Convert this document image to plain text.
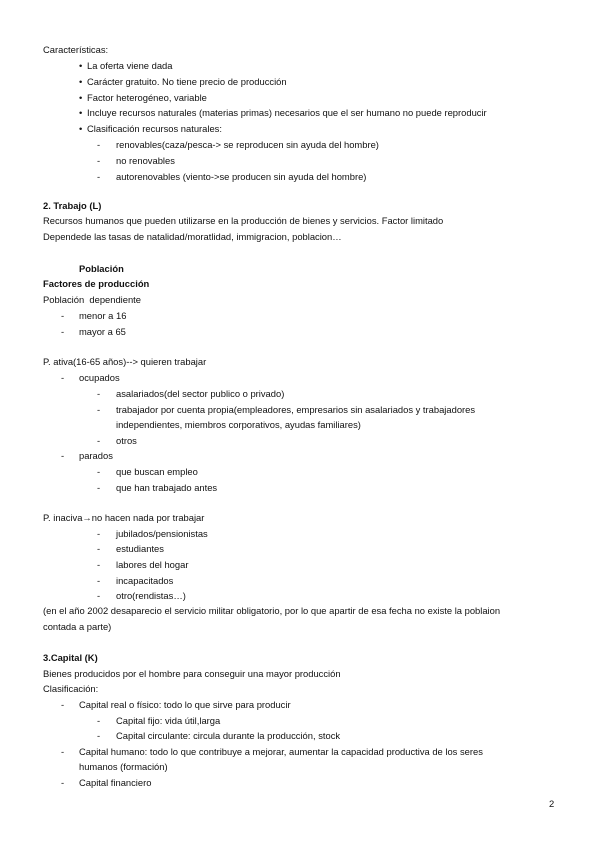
Características:
• La oferta viene dada
• Carácter gratuito. No tiene precio de producción
• Factor heterogéneo, variable
• Incluye recursos naturales (materias primas) necesarios que el ser humano no puede reproducir
• Clasificación recursos naturales:
- renovables(caza/pesca-> se reproducen sin ayuda del hombre)
- no renovables
- autorenovables (viento->se producen sin ayuda del hombre)
2. Trabajo (L)
Recursos humanos que pueden utilizarse en la producción de bienes y servicios. Factor limitado
Dependede las tasas de natalidad/moratlidad, immigracion, poblacion…
Población
Factores de producción
Población  dependiente
- menor a 16
- mayor a 65
P. ativa(16-65 años)--> quieren trabajar
- ocupados
- asalariados(del sector publico o privado)
- trabajador por cuenta propia(empleadores, empresarios sin asalariados y trabajadores
independientes, miembros corporativos, ayudas familiares)
- otros
- parados
- que buscan empleo
- que han trabajado antes
P. inaciva→no hacen nada por trabajar
- jubilados/pensionistas
- estudiantes
- labores del hogar
- incapacitados
- otro(rendistas…)
(en el año 2002 desaparecio el servicio militar obligatorio, por lo que apartir de esa fecha no existe la poblaion
contada a parte)
3.Capital (K)
Bienes producidos por el hombre para conseguir una mayor producción
Clasificación:
- Capital real o físico: todo lo que sirve para producir
- Capital fijo: vida útil,larga
- Capital circulante: circula durante la producción, stock
- Capital humano: todo lo que contribuye a mejorar, aumentar la capacidad productiva de los seres
humanos (formación)
- Capital financiero
2
